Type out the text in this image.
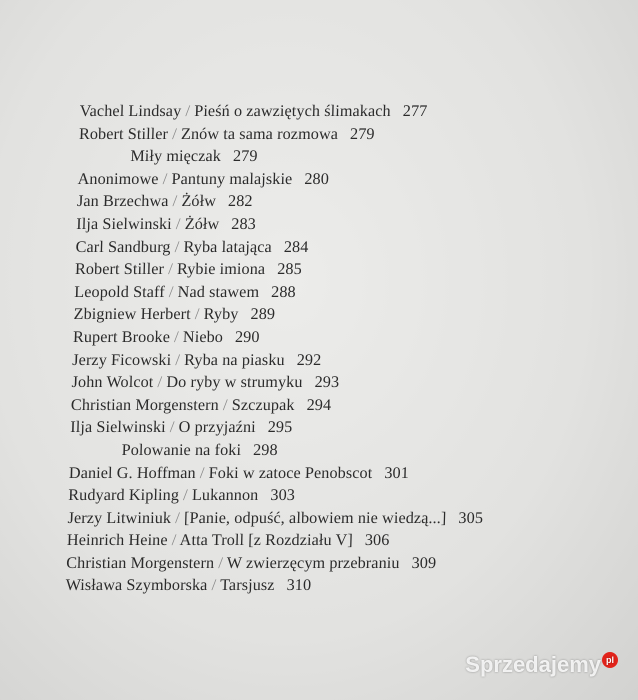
Vachel Lindsay / Pieśń o zawziętych ślimakach 277
Robert Stiller / Znów ta sama rozmowa 279
Miły mięczak 279
Anonimowe / Pantuny malajskie 280
Jan Brzechwa / Żółw 282
Ilja Sielwinski / Żółw 283
Carl Sandburg / Ryba latająca 284
Robert Stiller / Rybie imiona 285
Leopold Staff / Nad stawem 288
Zbigniew Herbert / Ryby 289
Rupert Brooke / Niebo 290
Jerzy Ficowski / Ryba na piasku 292
John Wolcot / Do ryby w strumyku 293
Christian Morgenstern / Szczupak 294
Ilja Sielwinski / O przyjaźni 295
Polowanie na foki 298
Daniel G. Hoffman / Foki w zatoce Penobscot 301
Rudyard Kipling / Lukannon 303
Jerzy Litwiniuk / [Panie, odpuść, albowiem nie wiedzą...] 305
Heinrich Heine / Atta Troll [z Rozdziału V] 306
Christian Morgenstern / W zwierzęcym przebraniu 309
Wisława Szymborska / Tarsjusz 310
Sprzedajemy pl
